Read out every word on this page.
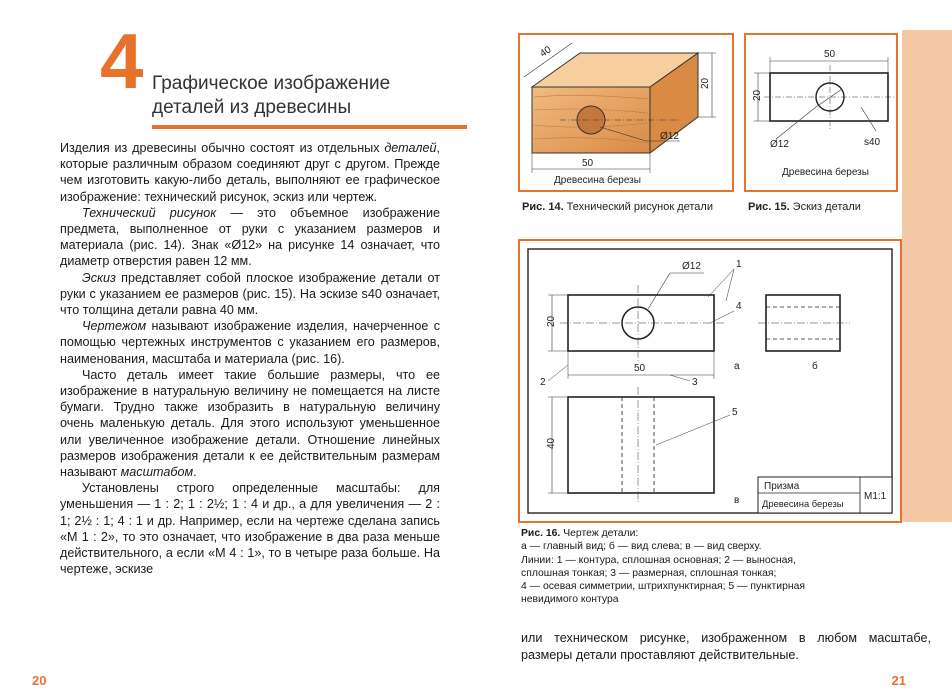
4 Графическое изображение
деталей из древесины

Изделия из древесины обычно состоят из отдельных деталей, которые различным образом соединяют друг с другом. Прежде чем изготовить какую-либо деталь, выполняют ее графическое изображение: технический рисунок, эскиз или чертеж.

Технический рисунок — это объемное изображение предмета, выполненное от руки с указанием размеров и материала (рис. 14). Знак «Ø12» на рисунке 14 означает, что диаметр отверстия равен 12 мм.

Эскиз представляет собой плоское изображение детали от руки с указанием ее размеров (рис. 15). На эскизе s40 означает, что толщина детали равна 40 мм.

Чертежом называют изображение изделия, начерченное с помощью чертежных инструментов с указанием его размеров, наименования, масштаба и материала (рис. 16).

Часто деталь имеет такие большие размеры, что ее изображение в натуральную величину не помещается на листе бумаги. Трудно также изобразить в натуральную величину очень маленькую деталь. Для этого используют уменьшенное или увеличенное изображение детали. Отношение линейных размеров изображения детали к ее действительным размерам называют масштабом.

Установлены строго определенные масштабы: для уменьшения — 1 : 2; 1 : 2½; 1 : 4 и др., а для увеличения — 2 : 1; 2½ : 1; 4 : 1 и др. Например, если на чертеже сделана запись «М 1 : 2», то это означает, что изображение в два раза меньше действительного, а если «М 4 : 1», то в четыре раза больше. На чертеже, эскизе

20
50
20
40
Ø12
Древесина березы
Рис. 14. Технический рисунок детали
50
20
Ø12	s40
Древесина березы
Рис. 15. Эскиз детали
20
50
Ø12	1
4
2	3
а	б
40
5
в
Призма
Древесина березы
М1:1
Рис. 16. Чертеж детали:
а — главный вид; б — вид слева; в — вид сверху.
Линии: 1 — контура, сплошная основная; 2 — выносная,
сплошная тонкая; 3 — размерная, сплошная тонкая;
4 — осевая симметрии, штрихпунктирная; 5 — пунктирная
невидимого контура
или техническом рисунке, изображенном в любом масштабе, размеры детали проставляют действительные.
21
